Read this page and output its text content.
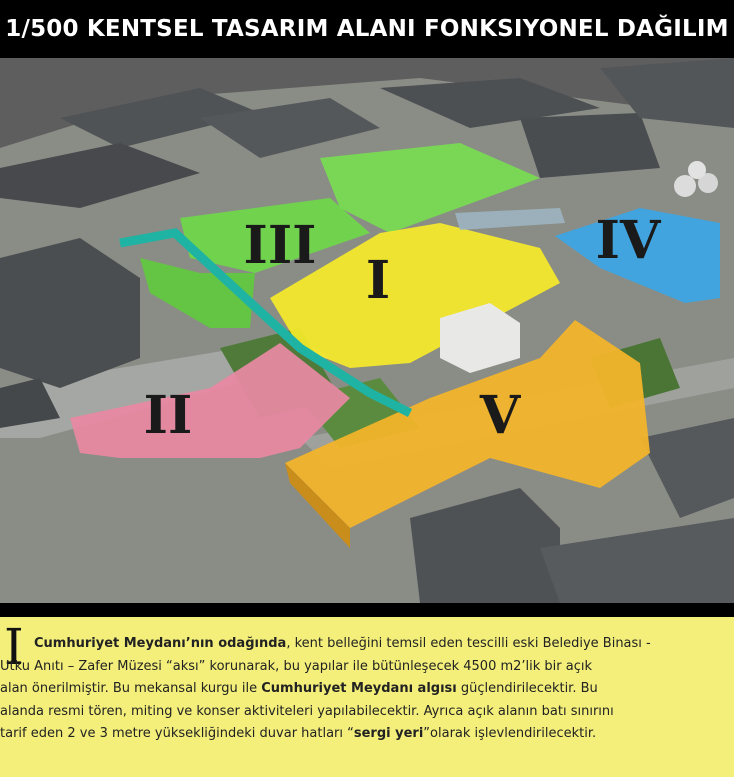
1/500 KENTSEL TASARIM ALANI FONKSIYONEL DAĞILIM
I
II
III	IV
V
I Cumhuriyet Meydanı’nın odağında, kent belleğini temsil eden tescilli eski Belediye Binası -
Utku Anıtı – Zafer Müzesi “aksı” korunarak, bu yapılar ile bütünleşecek 4500 m2’lik bir açık
alan önerilmiştir. Bu mekansal kurgu ile Cumhuriyet Meydanı algısı güçlendirilecektir. Bu
alanda resmi tören, miting ve konser aktiviteleri yapılabilecektir. Ayrıca açık alanın batı sınırını
tarif eden 2 ve 3 metre yüksekliğindeki duvar hatları “sergi yeri”olarak işlevlendirilecektir.
